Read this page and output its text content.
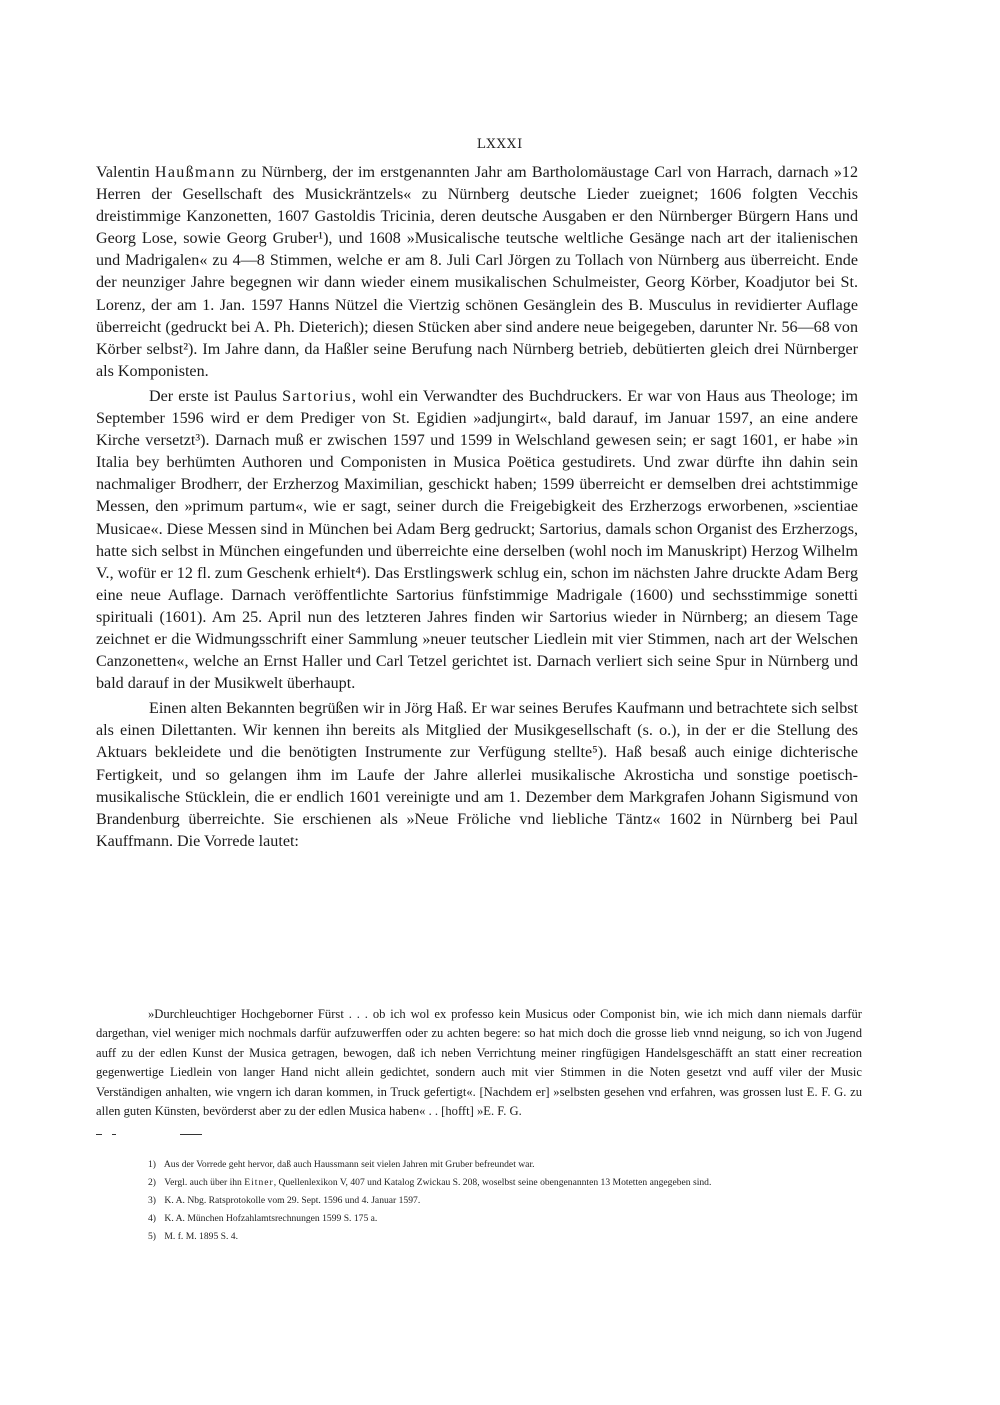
LXXXI

Valentin Haußmann zu Nürnberg, der im erstgenannten Jahr am Bartholomäustage Carl von Harrach, darnach »12 Herren der Gesellschaft des Musickräntzels« zu Nürnberg deutsche Lieder zueignet; 1606 folgten Vecchis dreistimmige Kanzonetten, 1607 Gastoldis Tricinia, deren deutsche Ausgaben er den Nürnberger Bürgern Hans und Georg Lose, sowie Georg Gruber¹), und 1608 »Musicalische teutsche weltliche Gesänge nach art der italienischen und Madrigalen« zu 4—8 Stimmen, welche er am 8. Juli Carl Jörgen zu Tollach von Nürnberg aus überreicht. Ende der neunziger Jahre begegnen wir dann wieder einem musikalischen Schulmeister, Georg Körber, Koadjutor bei St. Lorenz, der am 1. Jan. 1597 Hanns Nützel die Viertzig schönen Gesänglein des B. Musculus in revidierter Auflage überreicht (gedruckt bei A. Ph. Dieterich); diesen Stücken aber sind andere neue beigegeben, darunter Nr. 56—68 von Körber selbst²). Im Jahre dann, da Haßler seine Berufung nach Nürnberg betrieb, debütierten gleich drei Nürnberger als Komponisten.

Der erste ist Paulus Sartorius, wohl ein Verwandter des Buchdruckers. Er war von Haus aus Theologe; im September 1596 wird er dem Prediger von St. Egidien »adjungirt«, bald darauf, im Januar 1597, an eine andere Kirche versetzt³). Darnach muß er zwischen 1597 und 1599 in Welschland gewesen sein; er sagt 1601, er habe »in Italia bey berhümten Authoren und Componisten in Musica Poëtica gestudirets. Und zwar dürfte ihn dahin sein nachmaliger Brodherr, der Erzherzog Maximilian, geschickt haben; 1599 überreicht er demselben drei achtstimmige Messen, den »primum partum«, wie er sagt, seiner durch die Freigebigkeit des Erzherzogs erworbenen, »scientiae Musicae«. Diese Messen sind in München bei Adam Berg gedruckt; Sartorius, damals schon Organist des Erzherzogs, hatte sich selbst in München eingefunden und überreichte eine derselben (wohl noch im Manuskript) Herzog Wilhelm V., wofür er 12 fl. zum Geschenk erhielt⁴). Das Erstlingswerk schlug ein, schon im nächsten Jahre druckte Adam Berg eine neue Auflage. Darnach veröffentlichte Sartorius fünfstimmige Madrigale (1600) und sechsstimmige sonetti spirituali (1601). Am 25. April nun des letzteren Jahres finden wir Sartorius wieder in Nürnberg; an diesem Tage zeichnet er die Widmungsschrift einer Sammlung »neuer teutscher Liedlein mit vier Stimmen, nach art der Welschen Canzonetten«, welche an Ernst Haller und Carl Tetzel gerichtet ist. Darnach verliert sich seine Spur in Nürnberg und bald darauf in der Musikwelt überhaupt.

Einen alten Bekannten begrüßen wir in Jörg Haß. Er war seines Berufes Kaufmann und betrachtete sich selbst als einen Dilettanten. Wir kennen ihn bereits als Mitglied der Musikgesellschaft (s. o.), in der er die Stellung des Aktuars bekleidete und die benötigten Instrumente zur Verfügung stellte⁵). Haß besaß auch einige dichterische Fertigkeit, und so gelangen ihm im Laufe der Jahre allerlei musikalische Akrosticha und sonstige poetisch-musikalische Stücklein, die er endlich 1601 vereinigte und am 1. Dezember dem Markgrafen Johann Sigismund von Brandenburg überreichte. Sie erschienen als »Neue Fröliche vnd liebliche Täntz« 1602 in Nürnberg bei Paul Kauffmann. Die Vorrede lautet:

»Durchleuchtiger Hochgeborner Fürst . . . ob ich wol ex professo kein Musicus oder Componist bin, wie ich mich dann niemals darfür dargethan, viel weniger mich nochmals darfür aufzuwerffen oder zu achten begere: so hat mich doch die grosse lieb vnnd neigung, so ich von Jugend auff zu der edlen Kunst der Musica getragen, bewogen, daß ich neben Verrichtung meiner ringfügigen Handelsgeschäfft an statt einer recreation gegenwertige Liedlein von langer Hand nicht allein gedichtet, sondern auch mit vier Stimmen in die Noten gesetzt vnd auff viler der Music Verständigen anhalten, wie vngern ich daran kommen, in Truck gefertigt«. [Nachdem er] »selbsten gesehen vnd erfahren, was grossen lust E. F. G. zu allen guten Künsten, bevörderst aber zu der edlen Musica haben« . . [hofft] »E. F. G.

1) Aus der Vorrede geht hervor, daß auch Haussmann seit vielen Jahren mit Gruber befreundet war.

2) Vergl. auch über ihn Eitner, Quellenlexikon V, 407 und Katalog Zwickau S. 208, woselbst seine obengenannten 13 Motetten angegeben sind.

3) K. A. Nbg. Ratsprotokolle vom 29. Sept. 1596 und 4. Januar 1597.

4) K. A. München Hofzahlamtsrechnungen 1599 S. 175 a.

5) M. f. M. 1895 S. 4.
